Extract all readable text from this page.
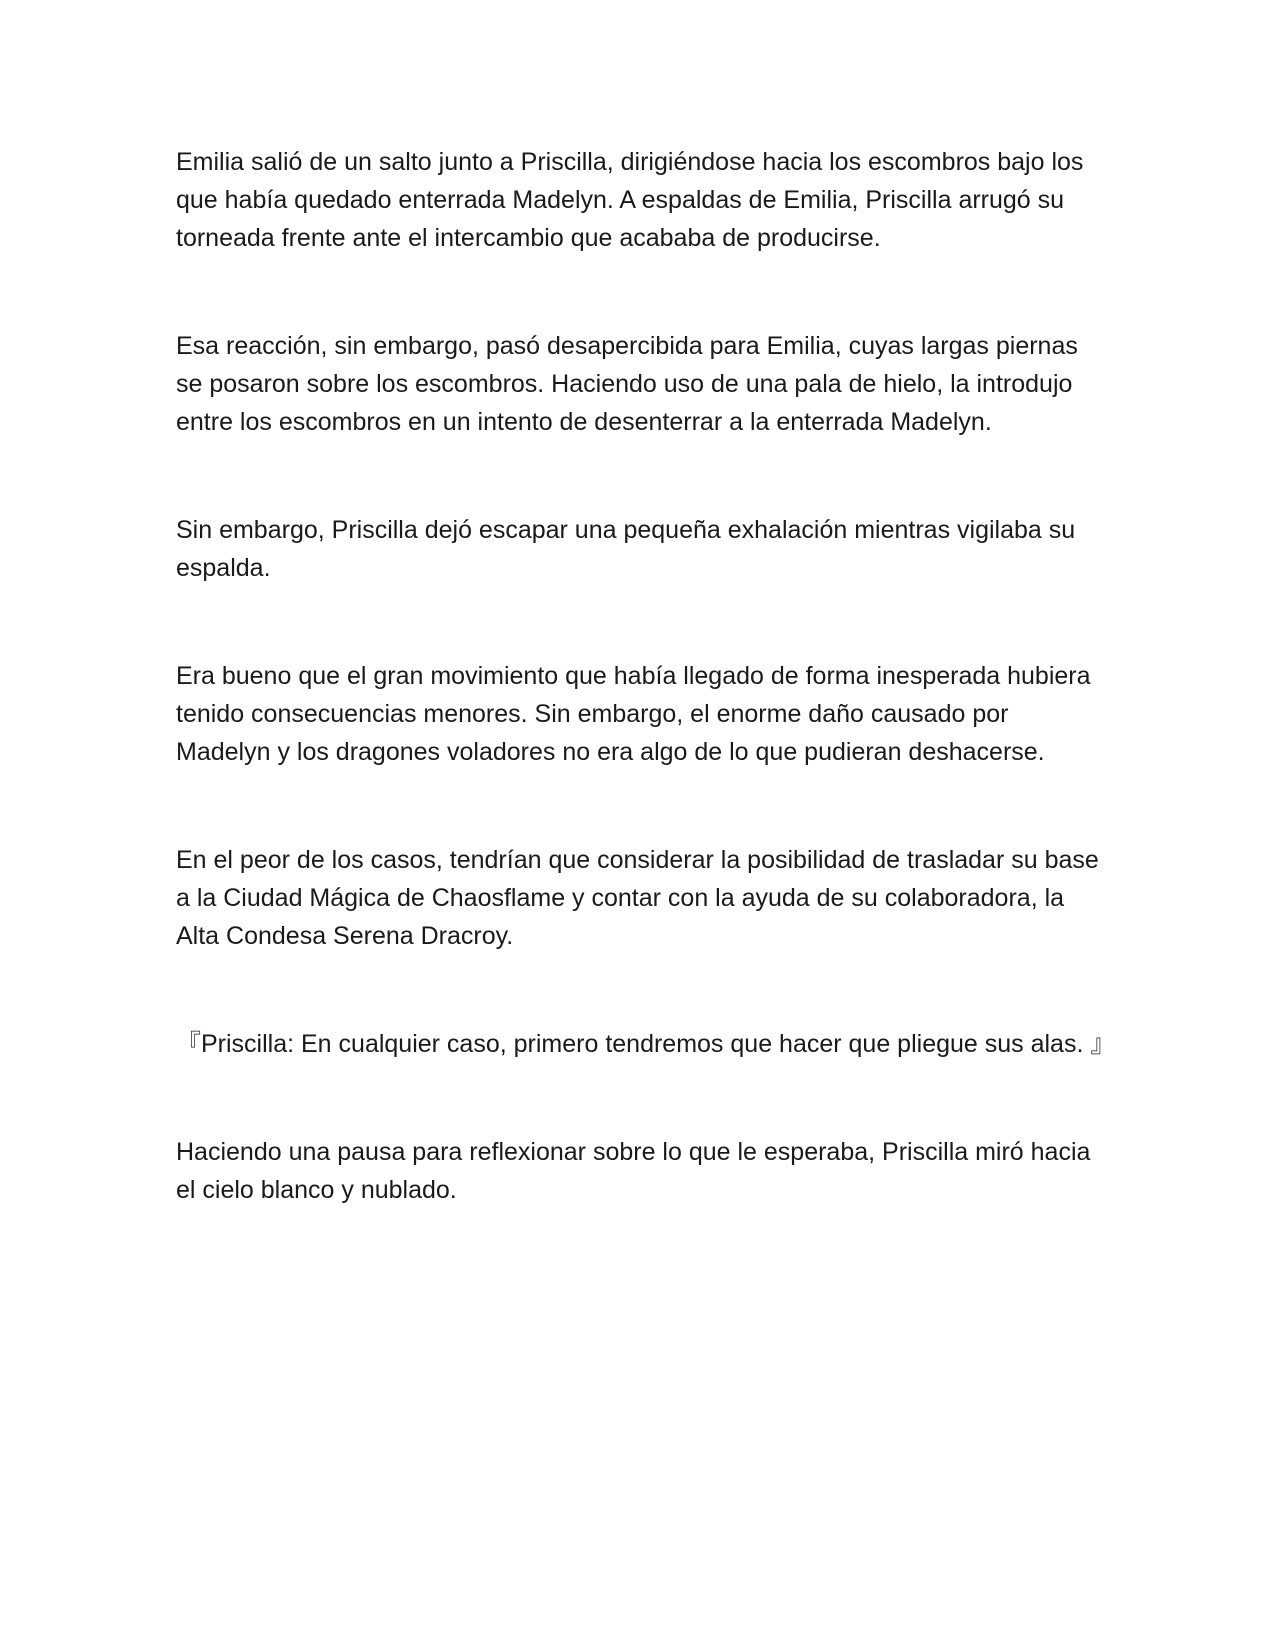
Emilia salió de un salto junto a Priscilla, dirigiéndose hacia los escombros bajo los que había quedado enterrada Madelyn. A espaldas de Emilia, Priscilla arrugó su torneada frente ante el intercambio que acababa de producirse.

Esa reacción, sin embargo, pasó desapercibida para Emilia, cuyas largas piernas se posaron sobre los escombros. Haciendo uso de una pala de hielo, la introdujo entre los escombros en un intento de desenterrar a la enterrada Madelyn.

Sin embargo, Priscilla dejó escapar una pequeña exhalación mientras vigilaba su espalda.

Era bueno que el gran movimiento que había llegado de forma inesperada hubiera tenido consecuencias menores. Sin embargo, el enorme daño causado por Madelyn y los dragones voladores no era algo de lo que pudieran deshacerse.

En el peor de los casos, tendrían que considerar la posibilidad de trasladar su base a la Ciudad Mágica de Chaosflame y contar con la ayuda de su colaboradora, la Alta Condesa Serena Dracroy.

『Priscilla: En cualquier caso, primero tendremos que hacer que pliegue sus alas. 』

Haciendo una pausa para reflexionar sobre lo que le esperaba, Priscilla miró hacia el cielo blanco y nublado.
